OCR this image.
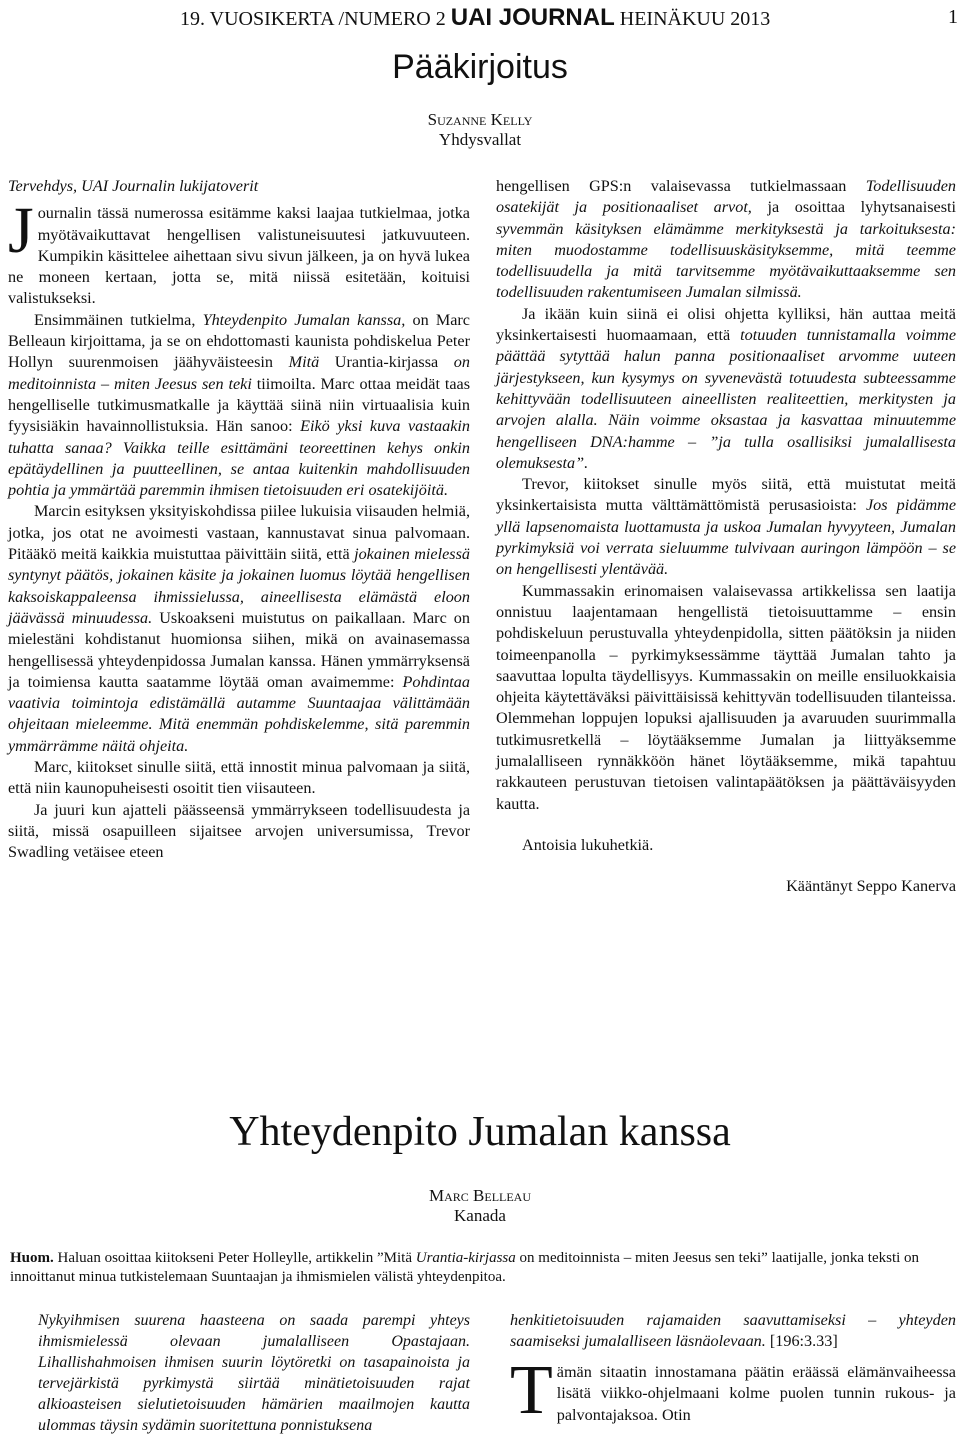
19. VUOSIKERTA /NUMERO 2 UAI JOURNAL HEINÄKUU 2013	1
Pääkirjoitus
Suzanne Kelly
Yhdysvallat

Tervehdys, UAI Journalin lukijatoverit

Journalin tässä numerossa esitämme kaksi laajaa tutkielmaa, jotka myötävaikuttavat hengellisen valistuneisuutesi jatkuvuuteen. Kumpikin käsittelee aihettaan sivu sivun jälkeen, ja on hyvä lukea ne moneen kertaan, jotta se, mitä niissä esitetään, koituisi valistukseksi.

Ensimmäinen tutkielma, Yhteydenpito Jumalan kanssa, on Marc Belleaun kirjoittama, ja se on ehdottomasti kaunista pohdiskelua Peter Hollyn suurenmoisen jäähyväisteesin Mitä Urantia-kirjassa on meditoinnista – miten Jeesus sen teki tiimoilta. Marc ottaa meidät taas hengelliselle tutkimusmatkalle ja käyttää siinä niin virtuaalisia kuin fyysisiäkin havainnollistuksia. Hän sanoo: Eikö yksi kuva vastaakin tuhatta sanaa? Vaikka teille esittämäni teoreettinen kehys onkin epätäydellinen ja puutteellinen, se antaa kuitenkin mahdollisuuden pohtia ja ymmärtää paremmin ihmisen tietoisuuden eri osatekijöitä.

Marcin esityksen yksityiskohdissa piilee lukuisia viisauden helmiä, jotka, jos otat ne avoimesti vastaan, kannustavat sinua palvomaan. Pitääkö meitä kaikkia muistuttaa päivittäin siitä, että jokainen mielessä syntynyt päätös, jokainen käsite ja jokainen luomus löytää hengellisen kaksoiskappaleensa ihmissielussa, aineellisesta elämästä eloon jäävässä minuudessa. Uskoakseni muistutus on paikallaan. Marc on mielestäni kohdistanut huomionsa siihen, mikä on avainasemassa hengellisessä yhteydenpidossa Jumalan kanssa. Hänen ymmärryksensä ja toimiensa kautta saatamme löytää oman avaimemme: Pohdintaa vaativia toimintoja edistämällä autamme Suuntaajaa välittämään ohjeitaan mieleemme. Mitä enemmän pohdiskelemme, sitä paremmin ymmärrämme näitä ohjeita.

Marc, kiitokset sinulle siitä, että innostit minua palvomaan ja siitä, että niin kaunopuheisesti osoitit tien viisauteen.

Ja juuri kun ajatteli päässeensä ymmärrykseen todellisuudesta ja siitä, missä osapuilleen sijaitsee arvojen universumissa, Trevor Swadling vetäisee eteen

hengellisen GPS:n valaisevassa tutkielmassaan Todellisuuden osatekijät ja positionaaliset arvot, ja osoittaa lyhytsanaisesti syvemmän käsityksen elämämme merkityksestä ja tarkoituksesta: miten muodostamme todellisuuskäsityksemme, mitä teemme todellisuudella ja mitä tarvitsemme myötävaikuttaaksemme sen todellisuuden rakentumiseen Jumalan silmissä.

Ja ikään kuin siinä ei olisi ohjetta kylliksi, hän auttaa meitä yksinkertaisesti huomaamaan, että totuuden tunnistamalla voimme päättää sytyttää halun panna positionaaliset arvomme uuteen järjestykseen, kun kysymys on syvenevästä totuudesta subteessamme kehittyvään todellisuuteen aineellisten realiteettien, merkitysten ja arvojen alalla. Näin voimme oksastaa ja kasvattaa minuutemme hengelliseen DNA:hamme – ”ja tulla osallisiksi jumalallisesta olemuksesta”.

Trevor, kiitokset sinulle myös siitä, että muistutat meitä yksinkertaisista mutta välttämättömistä perusasioista: Jos pidämme yllä lapsenomaista luottamusta ja uskoa Jumalan hyvyyteen, Jumalan pyrkimyksiä voi verrata sieluumme tulvivaan auringon lämpöön – se on hengellisesti ylentävää.

Kummassakin erinomaisen valaisevassa artikkelissa sen laatija onnistuu laajentamaan hengellistä tietoisuuttamme – ensin pohdiskeluun perustuvalla yhteydenpidolla, sitten päätöksin ja niiden toimeenpanolla – pyrkimyksessämme täyttää Jumalan tahto ja saavuttaa lopulta täydellisyys. Kummassakin on meille ensiluokkaisia ohjeita käytettäväksi päivittäisissä kehittyvän todellisuuden tilanteissa. Olemmehan loppujen lopuksi ajallisuuden ja avaruuden suurimmalla tutkimusretkellä – löytääksemme Jumalan ja liittyäksemme jumalalliseen rynnäkköön hänet löytääksemme, mikä tapahtuu rakkauteen perustuvan tietoisen valintapäätöksen ja päättäväisyyden kautta.

Antoisia lukuhetkiä.

Kääntänyt Seppo Kanerva

Yhteydenpito Jumalan kanssa
Marc Belleau
Kanada
Huom. Haluan osoittaa kiitokseni Peter Holleylle, artikkelin ”Mitä Urantia-kirjassa on meditoinnista – miten Jeesus sen teki” laatijalle, jonka teksti on innoittanut minua tutkistelemaan Suuntaajan ja ihmismielen välistä yhteydenpitoa.
Nykyihmisen suurena haasteena on saada parempi yhteys ihmismielessä olevaan jumalalliseen Opastajaan. Lihallishahmoisen ihmisen suurin löytöretki on tasapainoista ja tervejärkistä pyrkimystä siirtää minätietoisuuden rajat alkioasteisen sielutietoisuuden hämärien maailmojen kautta ulommas täysin sydämin suoritettuna ponnistuksena

henkitietoisuuden rajamaiden saavuttamiseksi – yhteyden saamiseksi jumalalliseen läsnäolevaan. [196:3.33]

Tämän sitaatin innostamana päätin eräässä elämänvaiheessa lisätä viikko-ohjelmaani kolme puolen tunnin rukous- ja palvontajaksoa. Otin
